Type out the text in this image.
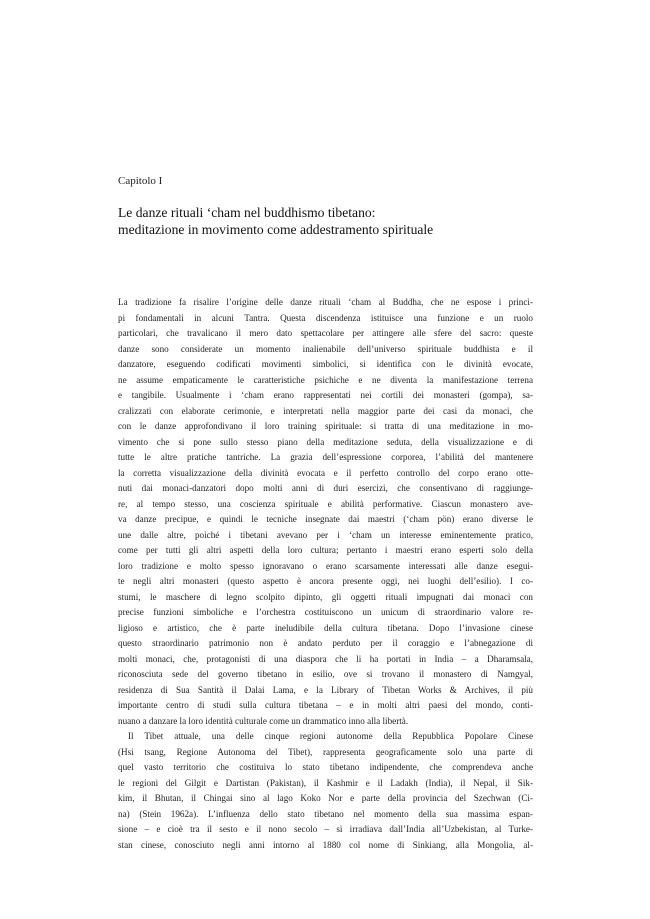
Capitolo I
Le danze rituali ‘cham nel buddhismo tibetano:
meditazione in movimento come addestramento spirituale
La tradizione fa risalire l’origine delle danze rituali ‘cham al Buddha, che ne espose i princì-
pi fondamentali in alcuni Tantra. Questa discendenza istituisce una funzione e un ruolo
particolari, che travalicano il mero dato spettacolare per attingere alle sfere del sacro: queste
danze sono considerate un momento inalienabile dell’universo spirituale buddhista e il
danzatore, eseguendo codificati movimenti simbolici, si identifica con le divinità evocate,
ne assume empaticamente le caratteristiche psichiche e ne diventa la manifestazione terrena
e tangibile. Usualmente i ‘cham erano rappresentati nei cortili dei monasteri (gompa), sa-
cralizzati con elaborate cerimonie, e interpretati nella maggior parte dei casi da monaci, che
con le danze approfondivano il loro training spirituale: si tratta di una meditazione in mo-
vimento che si pone sullo stesso piano della meditazione seduta, della visualizzazione e di
tutte le altre pratiche tantriche. La grazia dell’espressione corporea, l’abilità del mantenere
la corretta visualizzazione della divinità evocata e il perfetto controllo del corpo erano otte-
nuti dai monaci-danzatori dopo molti anni di duri esercizi, che consentivano di raggiunge-
re, al tempo stesso, una coscienza spirituale e abilità performative. Ciascun monastero ave-
va danze precipue, e quindi le tecniche insegnate dai maestri (‘cham pön) erano diverse le
une dalle altre, poiché i tibetani avevano per i ‘cham un interesse eminentemente pratico,
come per tutti gli altri aspetti della loro cultura; pertanto i maestri erano esperti solo della
loro tradizione e molto spesso ignoravano o erano scarsamente interessati alle danze esegui-
te negli altri monasteri (questo aspetto è ancora presente oggi, nei luoghi dell’esilio). I co-
stumi, le maschere di legno scolpito dipinto, gli oggetti rituali impugnati dai monaci con
precise funzioni simboliche e l’orchestra costituiscono un unicum di straordinario valore re-
ligioso e artistico, che è parte ineludibile della cultura tibetana. Dopo l’invasione cinese
questo straordinario patrimonio non è andato perduto per il coraggio e l’abnegazione di
molti monaci, che, protagonisti di una diaspora che li ha portati in India – a Dharamsala,
riconosciuta sede del governo tibetano in esilio, ove si trovano il monastero di Namgyal,
residenza di Sua Santità il Dalai Lama, e la Library of Tibetan Works & Archives, il più
importante centro di studi sulla cultura tibetana – e in molti altri paesi del mondo, conti-
nuano a danzare la loro identità culturale come un drammatico inno alla libertà.
Il Tibet attuale, una delle cinque regioni autonome della Repubblica Popolare Cinese
(Hsi tsang, Regione Autonoma del Tibet), rappresenta geograficamente solo una parte di
quel vasto territorio che costituiva lo stato tibetano indipendente, che comprendeva anche
le regioni del Gilgit e Dartistan (Pakistan), il Kashmir e il Ladakh (India), il Nepal, il Sik-
kim, il Bhutan, il Chingai sino al lago Koko Nor e parte della provincia del Szechwan (Ci-
na) (Stein 1962a). L’influenza dello stato tibetano nel momento della sua massima espan-
sione – e cioè tra il sesto e il nono secolo – si irradiava dall’India all’Uzbekistan, al Turke-
stan cinese, conosciuto negli anni intorno al 1880 col nome di Sinkiang, alla Mongolia, al-
